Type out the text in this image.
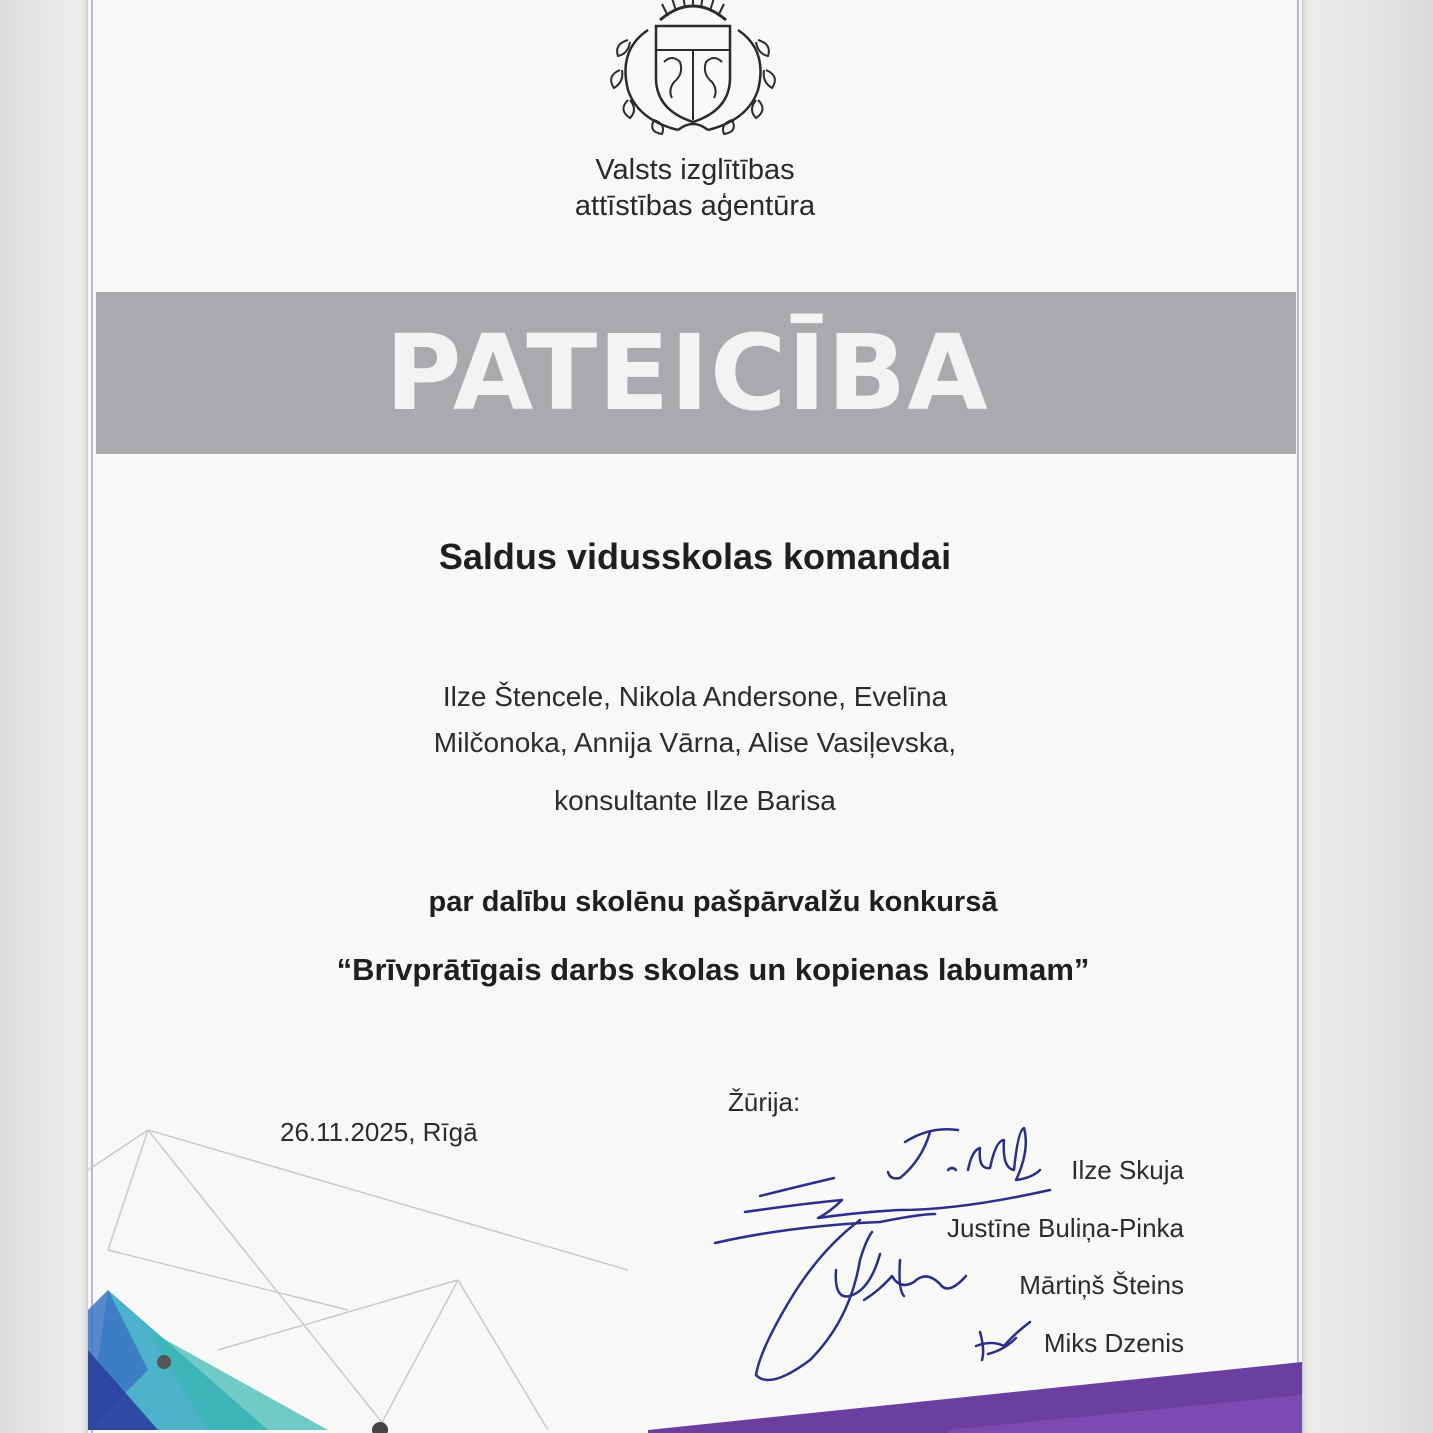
Valsts izglītības
attīstības aģentūra
PATEICĪBA
Saldus vidusskolas komandai
Ilze Štencele, Nikola Andersone, Evelīna
Milčonoka, Annija Vārna, Alise Vasiļevska,
konsultante Ilze Barisa
par dalību skolēnu pašpārvalžu konkursā
“Brīvprātīgais darbs skolas un kopienas labumam”
26.11.2025, Rīgā
Žūrija:
Ilze Skuja
Justīne Buliņa-Pinka
Mārtiņš Šteins
Miks Dzenis
